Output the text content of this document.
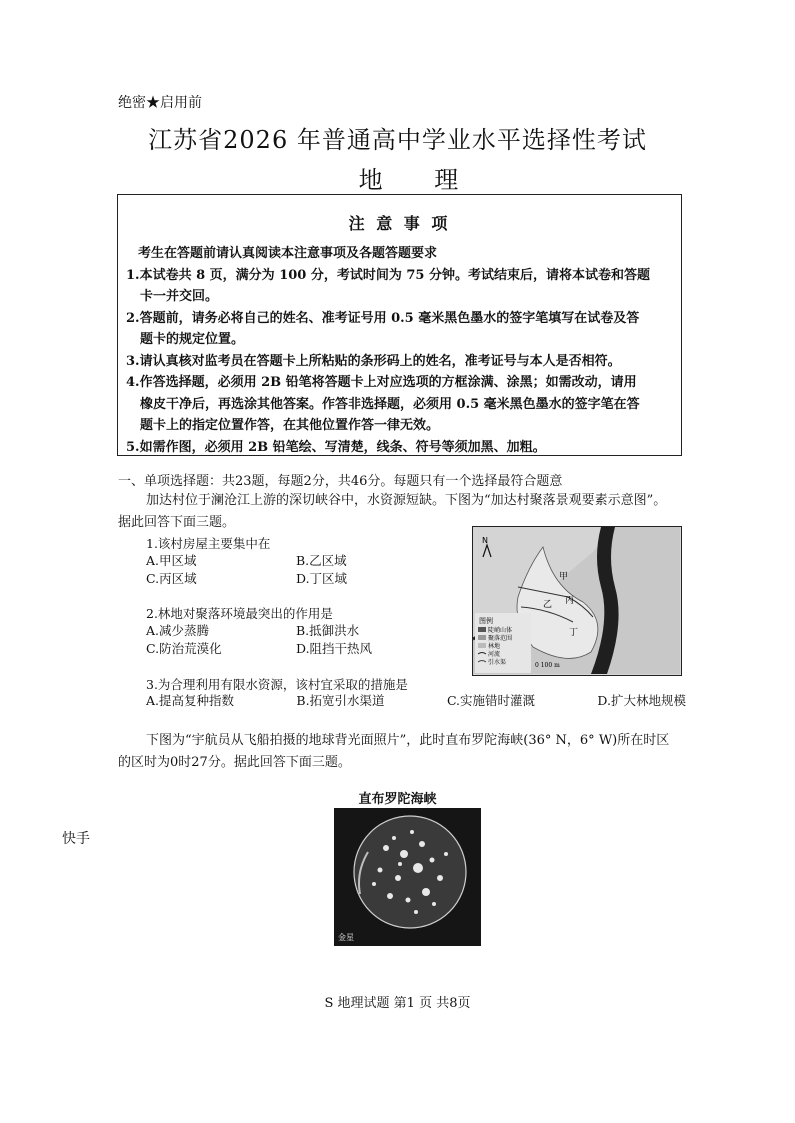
绝密★启用前
江苏省2026 年普通高中学业水平选择性考试
地 理
注 意 事 项
考生在答题前请认真阅读本注意事项及各题答题要求
1.本试卷共 8 页，满分为 100 分，考试时间为 75 分钟。考试结束后，请将本试卷和答题
卡一并交回。
2.答题前，请务必将自己的姓名、准考证号用 0.5 毫米黑色墨水的签字笔填写在试卷及答
题卡的规定位置。
3.请认真核对监考员在答题卡上所粘贴的条形码上的姓名，准考证号与本人是否相符。
4.作答选择题，必须用 2B 铅笔将答题卡上对应选项的方框涂满、涂黑；如需改动，请用
橡皮干净后，再选涂其他答案。作答非选择题，必须用 0.5 毫米黑色墨水的签字笔在答
题卡上的指定位置作答，在其他位置作答一律无效。
5.如需作图，必须用 2B 铅笔绘、写清楚，线条、符号等须加黑、加粗。
一、单项选择题：共23题，每题2分，共46分。每题只有一个选择最符合题意
加达村位于澜沧江上游的深切峡谷中，水资源短缺。下图为“加达村聚落景观要素示意图”。据此回答下面三题。
1.该村房屋主要集中在
A.甲区域	B.乙区域
C.丙区域	D.丁区域
2.林地对聚落环境最突出的作用是
A.减少蒸腾	B.抵御洪水
C.防治荒漠化	D.阻挡干热风
3.为合理利用有限水资源，该村宜采取的措施是
A.提高复种指数	B.拓宽引水渠道	C.实施错时灌溉	D.扩大林地规模
N
甲
乙 丙
丁
图例
陡峭山体
聚落范围
林地
河流
引水渠	0 100 m
下图为“宇航员从飞船拍摄的地球背光面照片”，此时直布罗陀海峡(36° N，6° W)所在时区的区时为0时27分。据此回答下面三题。
直布罗陀海峡
金星
快手
S 地理试题 第1 页 共8页
